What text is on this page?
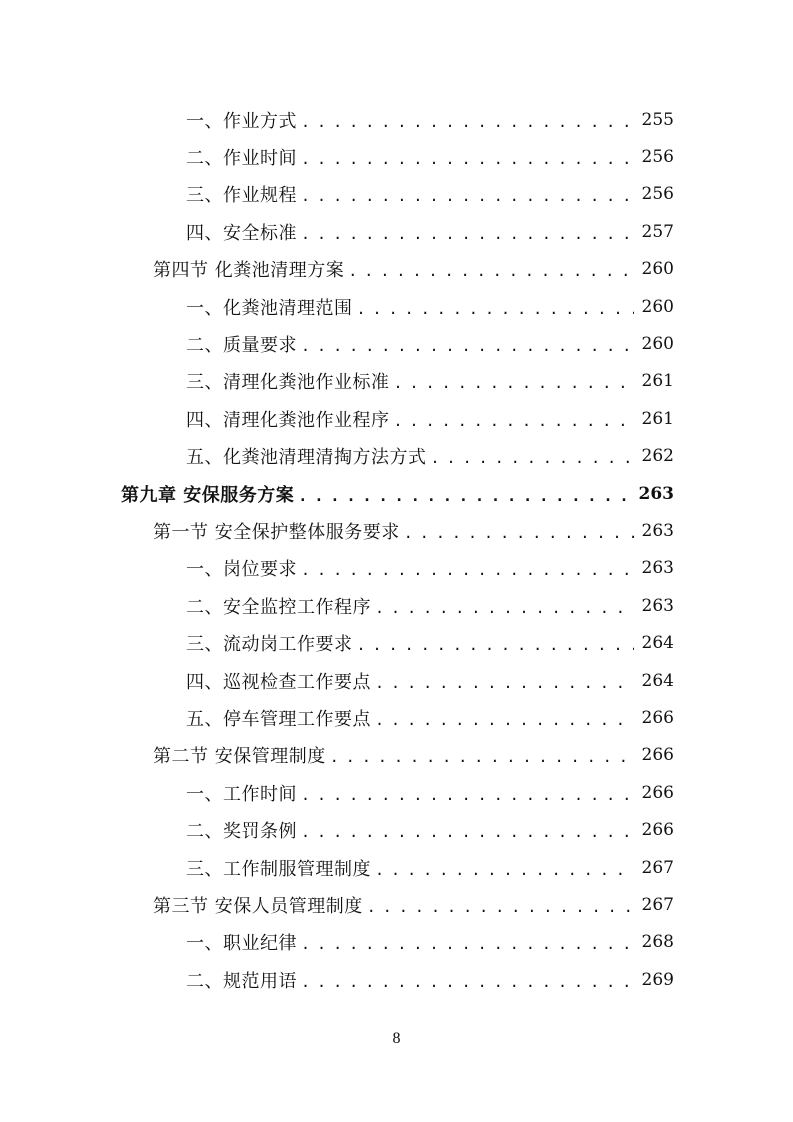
一、作业方式 . . .	255
二、作业时间 . . .	256
三、作业规程 . . .	256
四、安全标准 . . .	257
第四节 化粪池清理方案 . . .	260
一、化粪池清理范围 . . .	260
二、质量要求 . . .	260
三、清理化粪池作业标准 . . .	261
四、清理化粪池作业程序 . . .	261
五、化粪池清理清掏方法方式 . . .	262
第九章 安保服务方案 . . .	263
第一节 安全保护整体服务要求 . . .	263
一、岗位要求 . . .	263
二、安全监控工作程序 . . .	263
三、流动岗工作要求 . . .	264
四、巡视检查工作要点 . . .	264
五、停车管理工作要点 . . .	266
第二节 安保管理制度 . . .	266
一、工作时间 . . .	266
二、奖罚条例 . . .	266
三、工作制服管理制度 . . .	267
第三节 安保人员管理制度 . . .	267
一、职业纪律 . . .	268
二、规范用语 . . .	269
8
